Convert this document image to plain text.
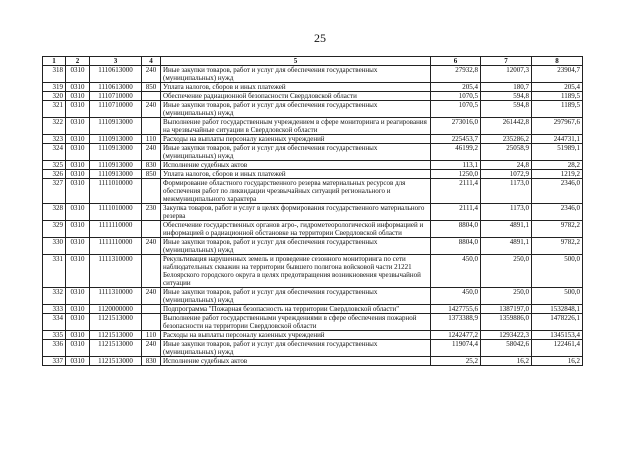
25
1	2	3	4	5	6	7	8
318	0310	1110613000	240	Иные закупки товаров, работ и услуг для обеспечения государственных (муниципальных) нужд	27932,8	12007,3	23904,7
319	0310	1110613000	850	Уплата налогов, сборов и иных платежей	205,4	180,7	205,4
320	0310	1110710000		Обеспечение радиационной безопасности Свердловской области	1070,5	594,8	1189,5
321	0310	1110710000	240	Иные закупки товаров, работ и услуг для обеспечения государственных (муниципальных) нужд	1070,5	594,8	1189,5
322	0310	1110913000		Выполнение работ государственным учреждением в сфере мониторинга и реагирования на чрезвычайные ситуации в Свердловской области	273016,0	261442,8	297967,6
323	0310	1110913000	110	Расходы на выплаты персоналу казенных учреждений	225453,7	235286,2	244731,1
324	0310	1110913000	240	Иные закупки товаров, работ и услуг для обеспечения государственных (муниципальных) нужд	46199,2	25058,9	51989,1
325	0310	1110913000	830	Исполнение судебных актов	113,1	24,8	28,2
326	0310	1110913000	850	Уплата налогов, сборов и иных платежей	1250,0	1072,9	1219,2
327	0310	1111010000		Формирование областного государственного резерва материальных ресурсов для обеспечения работ по ликвидации чрезвычайных ситуаций регионального и межмуниципального характера	2111,4	1173,0	2346,0
328	0310	1111010000	230	Закупка товаров, работ и услуг в целях формирования государственного материального резерва	2111,4	1173,0	2346,0
329	0310	1111110000		Обеспечение государственных органов агро-, гидрометеорологической информацией и информацией о радиационной обстановке на территории Свердловской области	8804,0	4891,1	9782,2
330	0310	1111110000	240	Иные закупки товаров, работ и услуг для обеспечения государственных (муниципальных) нужд	8804,0	4891,1	9782,2
331	0310	1111310000		Рекультивация нарушенных земель и проведение сезонного мониторинга по сети наблюдательных скважин на территории бывшего полигона войсковой части 21221 Белоярского городского округа в целях предотвращения возникновения чрезвычайной ситуации	450,0	250,0	500,0
332	0310	1111310000	240	Иные закупки товаров, работ и услуг для обеспечения государственных (муниципальных) нужд	450,0	250,0	500,0
333	0310	1120000000		Подпрограмма "Пожарная безопасность на территории Свердловской области"	1427755,6	1387197,0	1532848,1
334	0310	1121513000		Выполнение работ государственными учреждениями в сфере обеспечения пожарной безопасности на территории Свердловской области	1373388,9	1359886,0	1478226,1
335	0310	1121513000	110	Расходы на выплаты персоналу казенных учреждений	1242477,2	1293422,3	1345153,4
336	0310	1121513000	240	Иные закупки товаров, работ и услуг для обеспечения государственных (муниципальных) нужд	119074,4	58042,6	122461,4
337	0310	1121513000	830	Исполнение судебных актов	25,2	16,2	16,2
